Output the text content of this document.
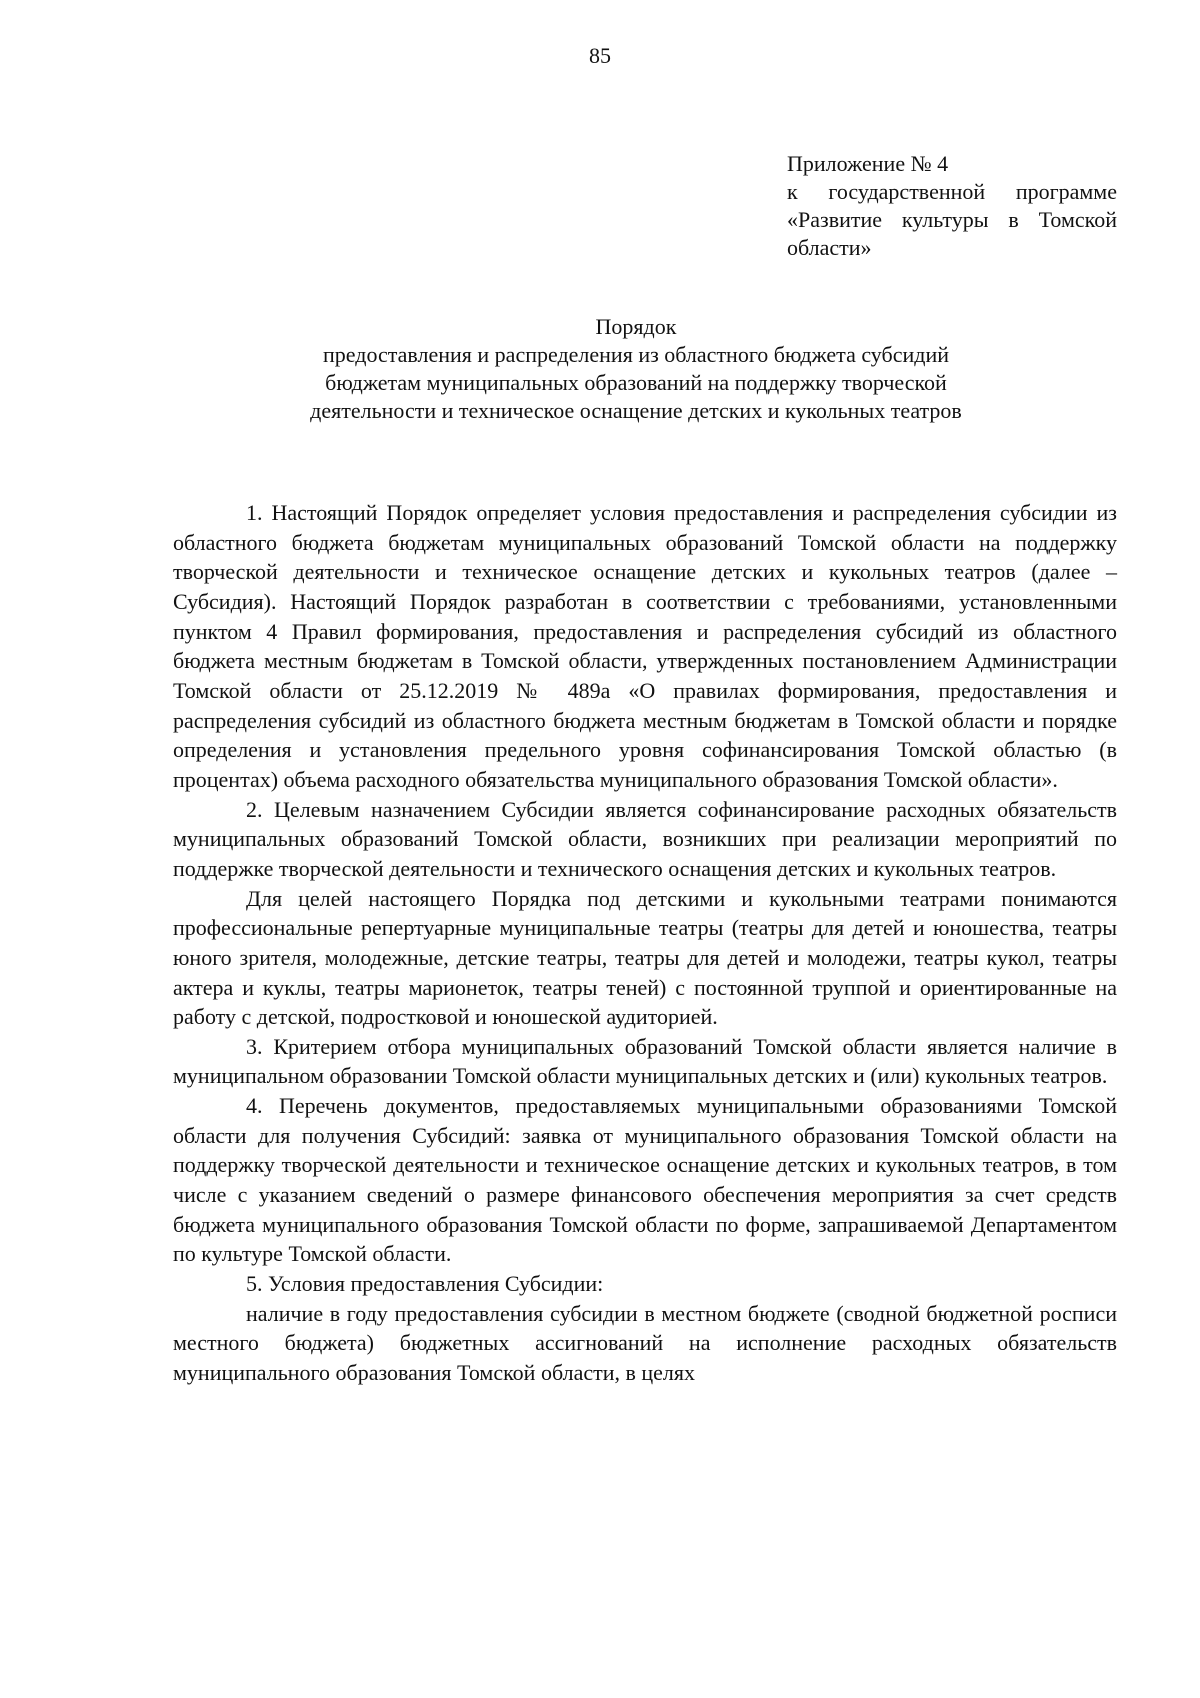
85
Приложение № 4
к государственной программе
«Развитие культуры в Томской
области»
Порядок
предоставления и распределения из областного бюджета субсидий
бюджетам муниципальных образований на поддержку творческой
деятельности и техническое оснащение детских и кукольных театров

1. Настоящий Порядок определяет условия предоставления и распределения субсидии из областного бюджета бюджетам муниципальных образований Томской области на поддержку творческой деятельности и техническое оснащение детских и кукольных театров (далее – Субсидия). Настоящий Порядок разработан в соответствии с требованиями, установленными пунктом 4 Правил формирования, предоставления и распределения субсидий из областного бюджета местным бюджетам в Томской области, утвержденных постановлением Администрации Томской области от 25.12.2019 № 489а «О правилах формирования, предоставления и распределения субсидий из областного бюджета местным бюджетам в Томской области и порядке определения и установления предельного уровня софинансирования Томской областью (в процентах) объема расходного обязательства муниципального образования Томской области».

2. Целевым назначением Субсидии является софинансирование расходных обязательств муниципальных образований Томской области, возникших при реализации мероприятий по поддержке творческой деятельности и технического оснащения детских и кукольных театров.

Для целей настоящего Порядка под детскими и кукольными театрами понимаются профессиональные репертуарные муниципальные театры (театры для детей и юношества, театры юного зрителя, молодежные, детские театры, театры для детей и молодежи, театры кукол, театры актера и куклы, театры марионеток, театры теней) с постоянной труппой и ориентированные на работу с детской, подростковой и юношеской аудиторией.

3. Критерием отбора муниципальных образований Томской области является наличие в муниципальном образовании Томской области муниципальных детских и (или) кукольных театров.

4. Перечень документов, предоставляемых муниципальными образованиями Томской области для получения Субсидий: заявка от муниципального образования Томской области на поддержку творческой деятельности и техническое оснащение детских и кукольных театров, в том числе с указанием сведений о размере финансового обеспечения мероприятия за счет средств бюджета муниципального образования Томской области по форме, запрашиваемой Департаментом по культуре Томской области.

5. Условия предоставления Субсидии:

наличие в году предоставления субсидии в местном бюджете (сводной бюджетной росписи местного бюджета) бюджетных ассигнований на исполнение расходных обязательств муниципального образования Томской области, в целях
